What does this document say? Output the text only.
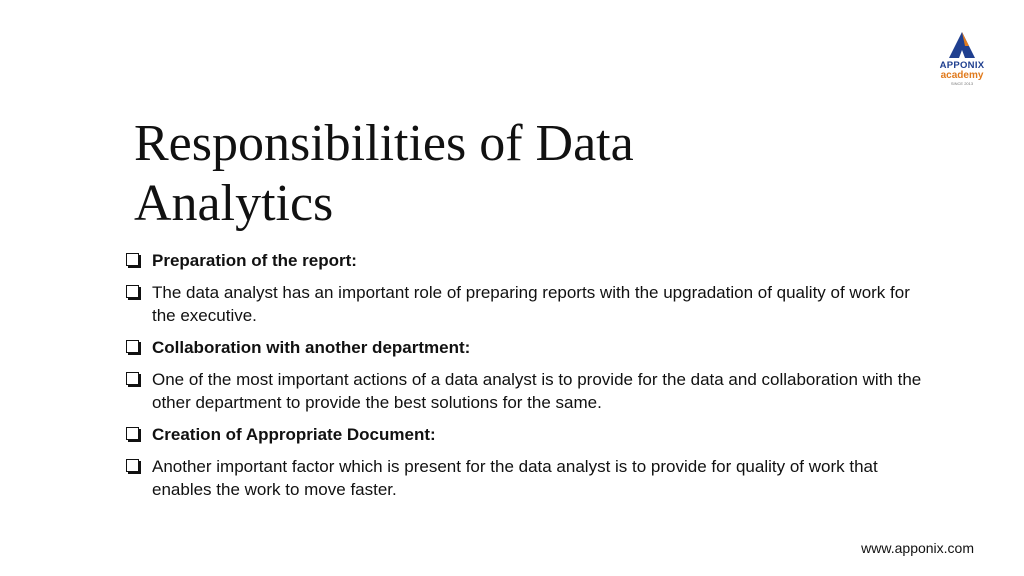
APPONIX
academy
SINCE 2013
Responsibilities of Data Analytics
Preparation of the report:
The data analyst has an important role of preparing reports with the upgradation of quality of work for the executive.
Collaboration with another department:
One of the most important actions of a data analyst is to provide for the data and collaboration with the other department to provide the best solutions for the same.
Creation of Appropriate Document:
Another important factor which is present for the data analyst is to provide for quality of work that enables the work to move faster.
www.apponix.com
